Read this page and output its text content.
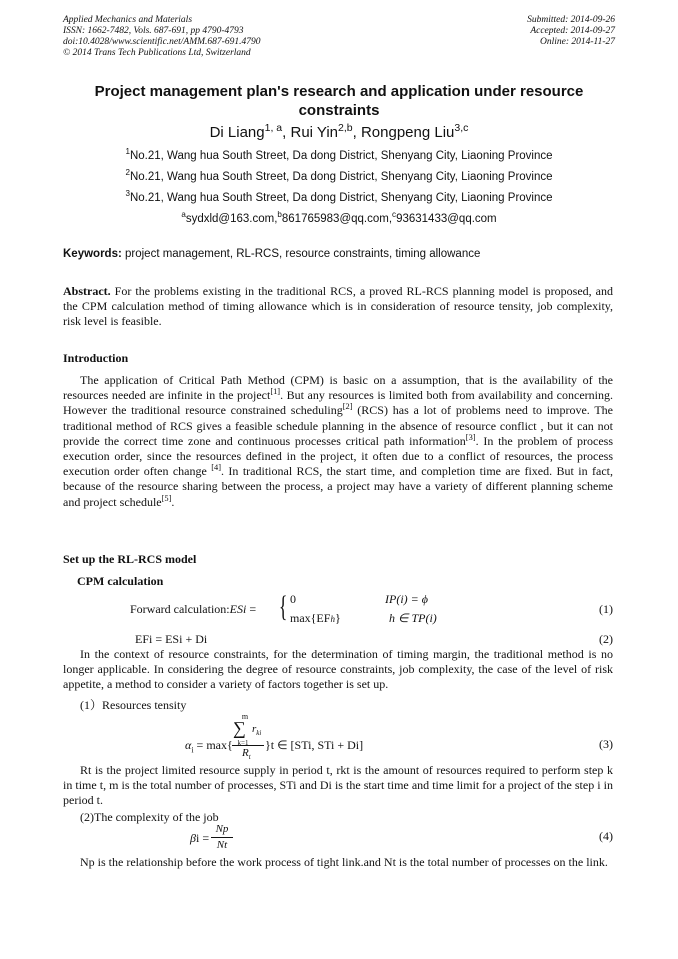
Applied Mechanics and Materials
ISSN: 1662-7482, Vols. 687-691, pp 4790-4793
doi:10.4028/www.scientific.net/AMM.687-691.4790
© 2014 Trans Tech Publications Ltd, Switzerland
Submitted: 2014-09-26
Accepted: 2014-09-27
Online: 2014-11-27
Project management plan's research and application under resource constraints
Di Liang$^{1, a}$, Rui Yin$^{2,b}$, Rongpeng Liu$^{3,c}$
$^1$No.21, Wang hua South Street, Da dong District, Shenyang City, Liaoning Province
$^2$No.21, Wang hua South Street, Da dong District, Shenyang City, Liaoning Province
$^3$No.21, Wang hua South Street, Da dong District, Shenyang City, Liaoning Province
$^a$sydxld@163.com,$^b$861765983@qq.com,$^c$93631433@qq.com
Keywords: project management, RL-RCS, resource constraints, timing allowance
Abstract. For the problems existing in the traditional RCS, a proved RL-RCS planning model is proposed, and the CPM calculation method of timing allowance which is in consideration of resource tensity, job complexity, risk level is feasible.
Introduction
The application of Critical Path Method (CPM) is basic on a assumption, that is the availability of the resources needed are infinite in the project[1]. But any resources is limited both from availability and concerning. However the traditional resource constrained scheduling[2] (RCS) has a lot of problems need to improve. The traditional method of RCS gives a feasible schedule planning in the absence of resource conflict , but it can not provide the correct time zone and continuous processes critical path information[3]. In the problem of process execution order, since the resources defined in the project, it often due to a conflict of resources, the process execution order often change [4]. In traditional RCS, the start time, and completion time are fixed. But in fact, because of the resource sharing between the process, a project may have a variety of different planning scheme and project schedule[5].
Set up the RL-RCS model
CPM calculation
Forward calculation:ESi = { 0	IP(i) = ϕ
max{EFh}	h ∈ TP(i)
(1)
EFi = ESi + Di	(2)
In the context of resource constraints, for the determination of timing margin, the traditional method is no longer applicable. In considering the degree of resource constraints, job complexity, the case of the level of risk appetite, a method to consider a variety of factors together is set up.
(1）Resources tensity
$\alpha_i = \max${
m
∑
k=1
$r_{ki}$
$R_t$
}t ∈ [STi, STi + Di]	(3)
Rt is the project limited resource supply in period t, rkt is the amount of resources required to perform step k in time t, m is the total number of processes, STi and Di is the start time and time limit for a project of the step i in period t.
(2)The complexity of the job
βi =
Np
Nt
(4)
Np is the relationship before the work process of tight link.and Nt is the total number of processes on the link.
